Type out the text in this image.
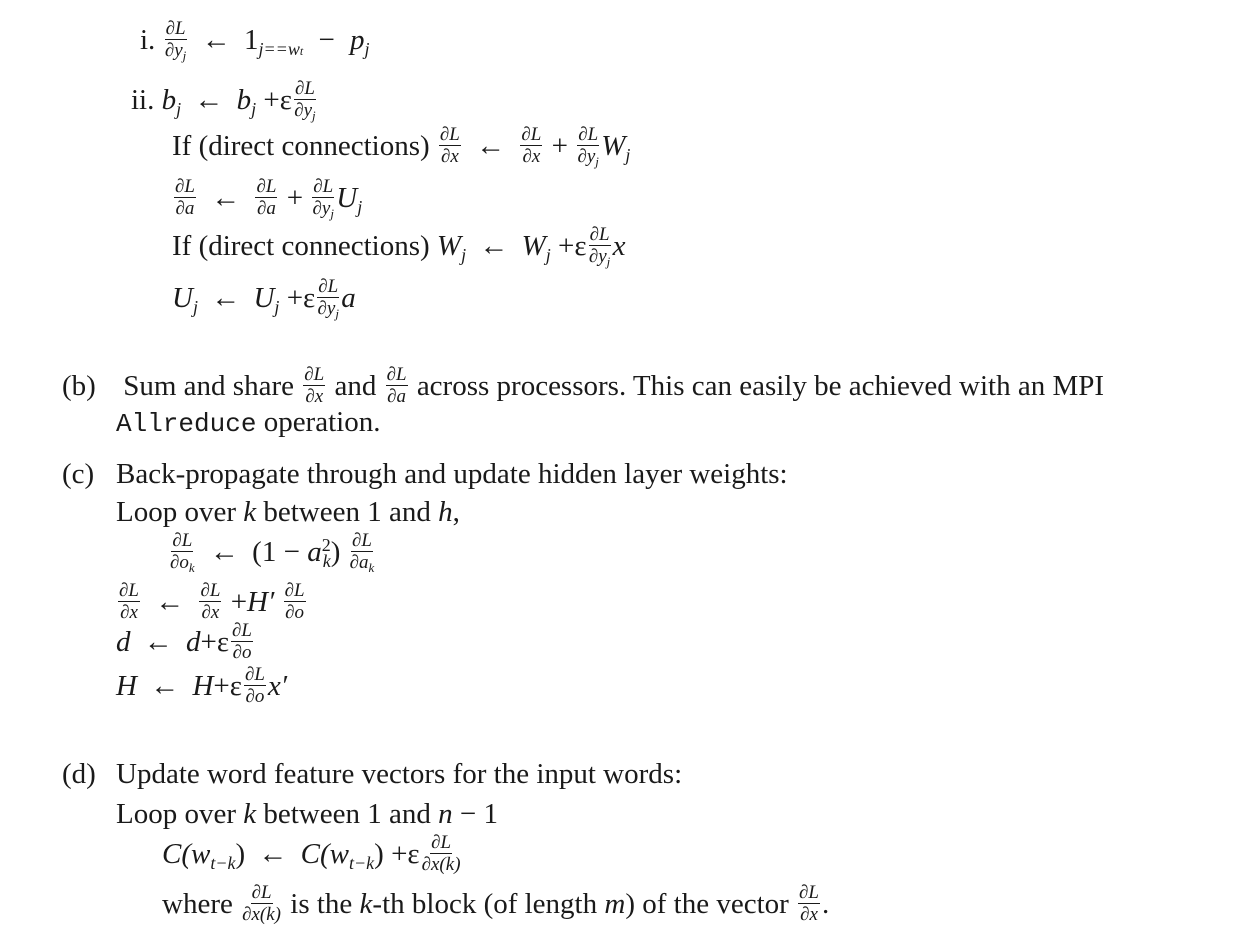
i. $\frac{\partial L}{\partial y_j}$ ← $1_{j==wt} - p_j$
ii. $b_j$ ← $b_j +\varepsilon \frac{\partial L}{\partial y_j}$
If (direct connections) $\frac{\partial L}{\partial x}$ ← $\frac{\partial L}{\partial x} + \frac{\partial L}{\partial y_j} W_j$
$\frac{\partial L}{\partial a}$ ← $\frac{\partial L}{\partial a} + \frac{\partial L}{\partial y_j} U_j$
If (direct connections) $W_j$ ← $W_j +\varepsilon \frac{\partial L}{\partial y_j}$ x
$U_j$ ← $U_j +\varepsilon \frac{\partial L}{\partial y_j}$ a
(b) Sum and share $\frac{\partial L}{\partial x}$ and $\frac{\partial L}{\partial a}$ across processors. This can easily be achieved with an MPI
Allreduce operation.
(c) Back-propagate through and update hidden layer weights:
Loop over k between 1 and h,
$\frac{\partial L}{\partial o_k}$ ← $(1 - a^2_k) \frac{\partial L}{\partial a_k}$
$\frac{\partial L}{\partial x}$ ← $\frac{\partial L}{\partial x} +H' \frac{\partial L}{\partial o}$
d ← $d+\varepsilon \frac{\partial L}{\partial o}$
H ← $H+\varepsilon \frac{\partial L}{\partial o} x'$
(d) Update word feature vectors for the input words:
Loop over k between 1 and n − 1
$C(w_{t-k})$ ← $C(w_{t-k}) +\varepsilon \frac{\partial L}{\partial x(k)}$
where $\frac{\partial L}{\partial x(k)}$ is the k-th block (of length m) of the vector $\frac{\partial L}{\partial x}$ .
